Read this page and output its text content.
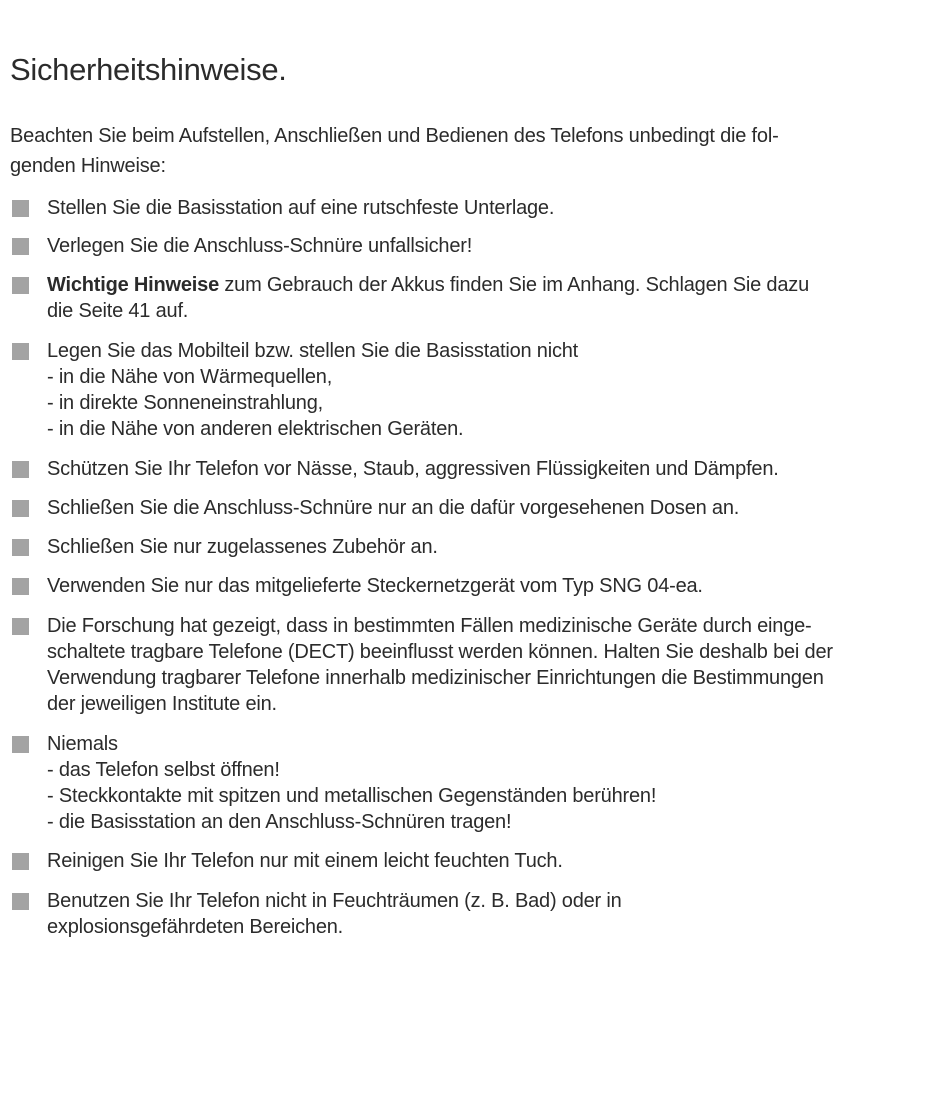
Sicherheitshinweise.

Beachten Sie beim Aufstellen, Anschließen und Bedienen des Telefons unbedingt die fol-
genden Hinweise:

Stellen Sie die Basisstation auf eine rutschfeste Unterlage.
Verlegen Sie die Anschluss-Schnüre unfallsicher!
Wichtige Hinweise zum Gebrauch der Akkus finden Sie im Anhang. Schlagen Sie dazu
die Seite 41 auf.
Legen Sie das Mobilteil bzw. stellen Sie die Basisstation nicht
- in die Nähe von Wärmequellen,
- in direkte Sonneneinstrahlung,
- in die Nähe von anderen elektrischen Geräten.
Schützen Sie Ihr Telefon vor Nässe, Staub, aggressiven Flüssigkeiten und Dämpfen.
Schließen Sie die Anschluss-Schnüre nur an die dafür vorgesehenen Dosen an.
Schließen Sie nur zugelassenes Zubehör an.
Verwenden Sie nur das mitgelieferte Steckernetzgerät vom Typ SNG 04-ea.
Die Forschung hat gezeigt, dass in bestimmten Fällen medizinische Geräte durch einge-
schaltete tragbare Telefone (DECT) beeinflusst werden können. Halten Sie deshalb bei der
Verwendung tragbarer Telefone innerhalb medizinischer Einrichtungen die Bestimmungen
der jeweiligen Institute ein.
Niemals
- das Telefon selbst öffnen!
- Steckkontakte mit spitzen und metallischen Gegenständen berühren!
- die Basisstation an den Anschluss-Schnüren tragen!
Reinigen Sie Ihr Telefon nur mit einem leicht feuchten Tuch.
Benutzen Sie Ihr Telefon nicht in Feuchträumen (z. B. Bad) oder in
explosionsgefährdeten Bereichen.
